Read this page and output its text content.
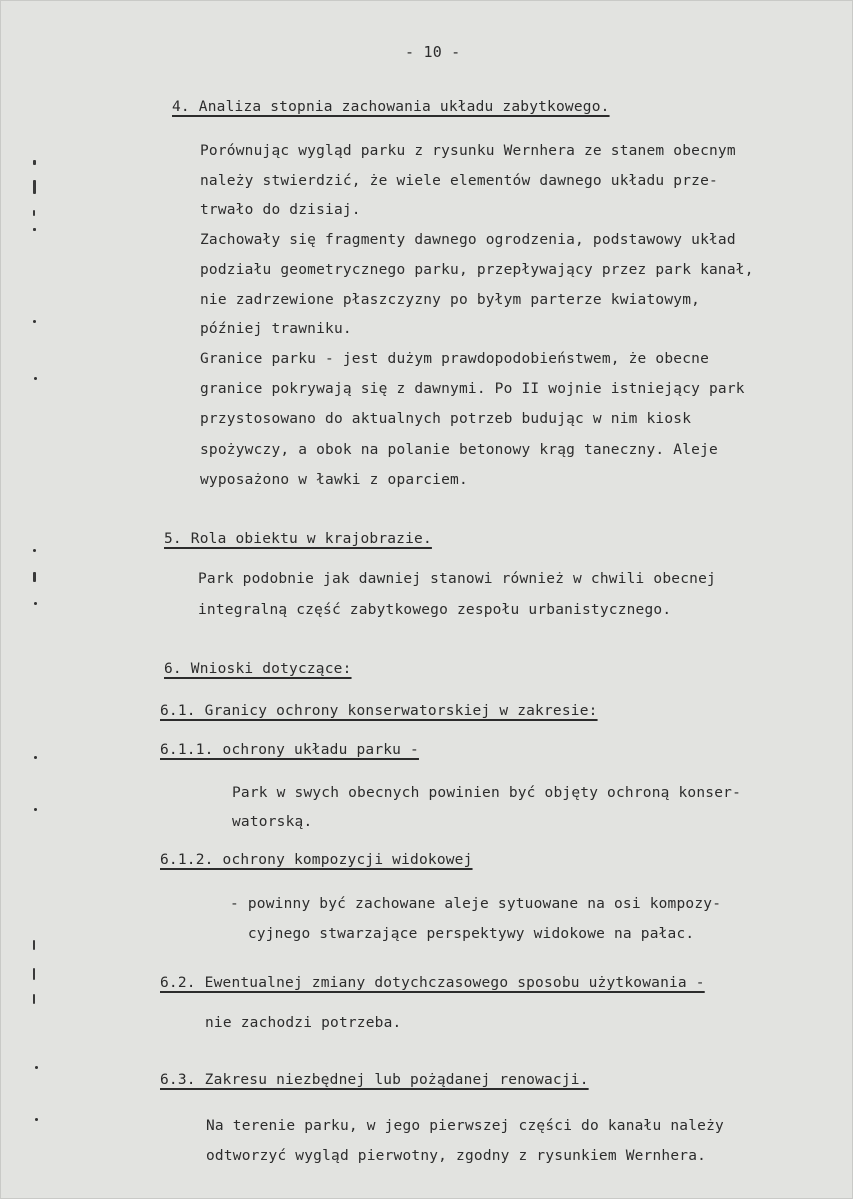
- 10 -
4. Analiza stopnia zachowania układu zabytkowego.
Porównując wygląd parku z rysunku Wernhera ze stanem obecnym
należy stwierdzić, że wiele elementów dawnego układu prze-
trwało do dzisiaj.
Zachowały się fragmenty dawnego ogrodzenia, podstawowy układ
podziału geometrycznego parku, przepływający przez park kanał,
nie zadrzewione płaszczyzny po byłym parterze kwiatowym,
później trawniku.
Granice parku - jest dużym prawdopodobieństwem, że obecne
granice pokrywają się z dawnymi. Po II wojnie istniejący park
przystosowano do aktualnych potrzeb budując w nim kiosk
spożywczy, a obok na polanie betonowy krąg taneczny. Aleje
wyposażono w ławki z oparciem.
5. Rola obiektu w krajobrazie.
Park podobnie jak dawniej stanowi również w chwili obecnej
integralną część zabytkowego zespołu urbanistycznego.
6. Wnioski dotyczące:
6.1. Granicy ochrony konserwatorskiej w zakresie:
6.1.1. ochrony układu parku -
Park w swych obecnych powinien być objęty ochroną konser-
watorską.
6.1.2. ochrony kompozycji widokowej
- powinny być zachowane aleje sytuowane na osi kompozy-
cyjnego stwarzające perspektywy widokowe na pałac.
6.2. Ewentualnej zmiany dotychczasowego sposobu użytkowania -
nie zachodzi potrzeba.
6.3. Zakresu niezbędnej lub pożądanej renowacji.
Na terenie parku, w jego pierwszej części do kanału należy
odtworzyć wygląd pierwotny, zgodny z rysunkiem Wernhera.
